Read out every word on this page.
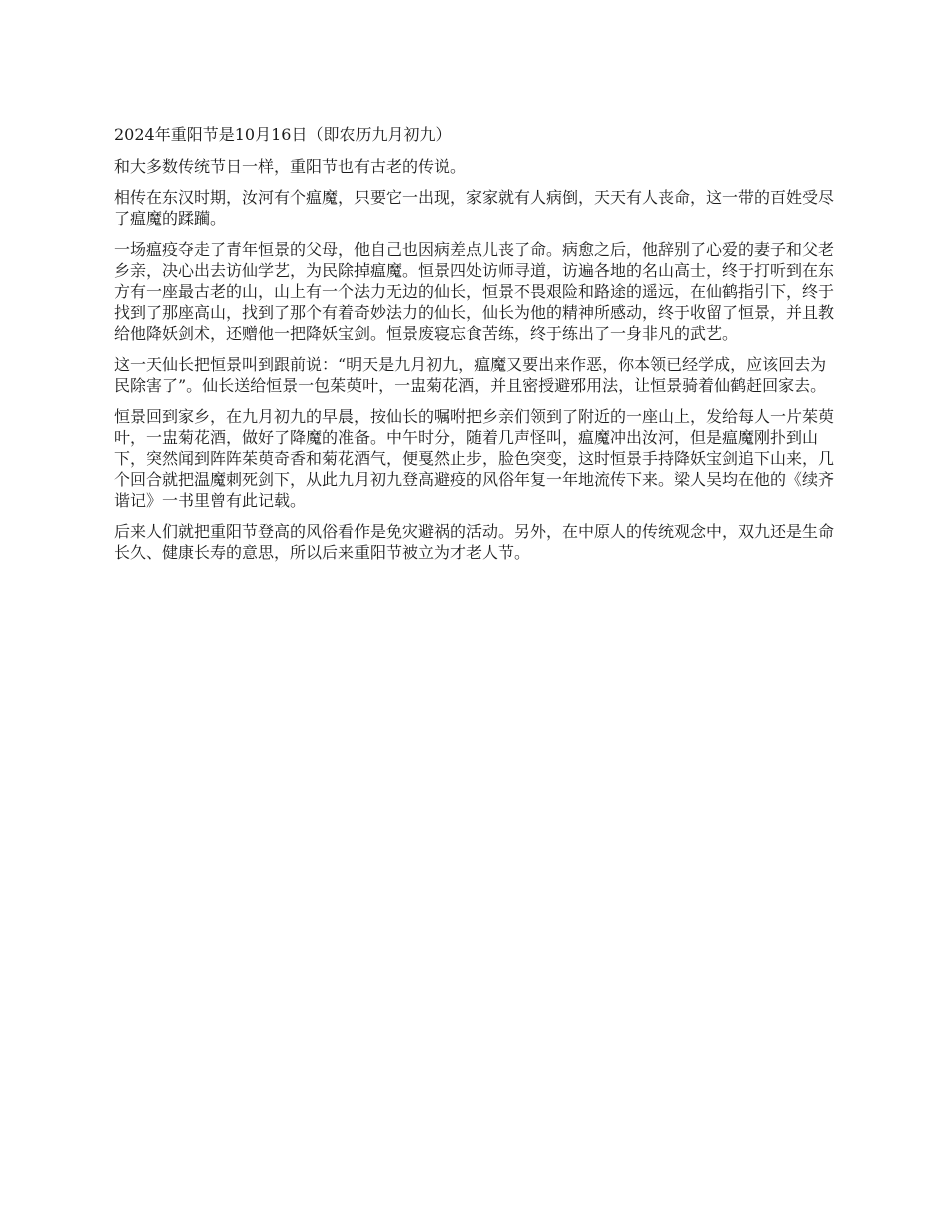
2024年重阳节是10月16日（即农历九月初九）

和大多数传统节日一样，重阳节也有古老的传说。

相传在东汉时期，汝河有个瘟魔，只要它一出现，家家就有人病倒，天天有人丧命，这一带的百姓受尽了瘟魔的蹂躏。

一场瘟疫夺走了青年恒景的父母，他自己也因病差点儿丧了命。病愈之后，他辞别了心爱的妻子和父老乡亲，决心出去访仙学艺，为民除掉瘟魔。恒景四处访师寻道，访遍各地的名山高士，终于打听到在东方有一座最古老的山，山上有一个法力无边的仙长，恒景不畏艰险和路途的遥远，在仙鹤指引下，终于找到了那座高山，找到了那个有着奇妙法力的仙长，仙长为他的精神所感动，终于收留了恒景，并且教给他降妖剑术，还赠他一把降妖宝剑。恒景废寝忘食苦练，终于练出了一身非凡的武艺。

这一天仙长把恒景叫到跟前说：“明天是九月初九，瘟魔又要出来作恶，你本领已经学成，应该回去为民除害了”。仙长送给恒景一包茱萸叶，一盅菊花酒，并且密授避邪用法，让恒景骑着仙鹤赶回家去。

恒景回到家乡，在九月初九的早晨，按仙长的嘱咐把乡亲们领到了附近的一座山上，发给每人一片茱萸叶，一盅菊花酒，做好了降魔的准备。中午时分，随着几声怪叫，瘟魔冲出汝河，但是瘟魔刚扑到山下，突然闻到阵阵茱萸奇香和菊花酒气，便戛然止步，脸色突变，这时恒景手持降妖宝剑追下山来，几个回合就把温魔刺死剑下，从此九月初九登高避疫的风俗年复一年地流传下来。梁人吴均在他的《续齐谐记》一书里曾有此记载。

后来人们就把重阳节登高的风俗看作是免灾避祸的活动。另外，在中原人的传统观念中，双九还是生命长久、健康长寿的意思，所以后来重阳节被立为才老人节。
